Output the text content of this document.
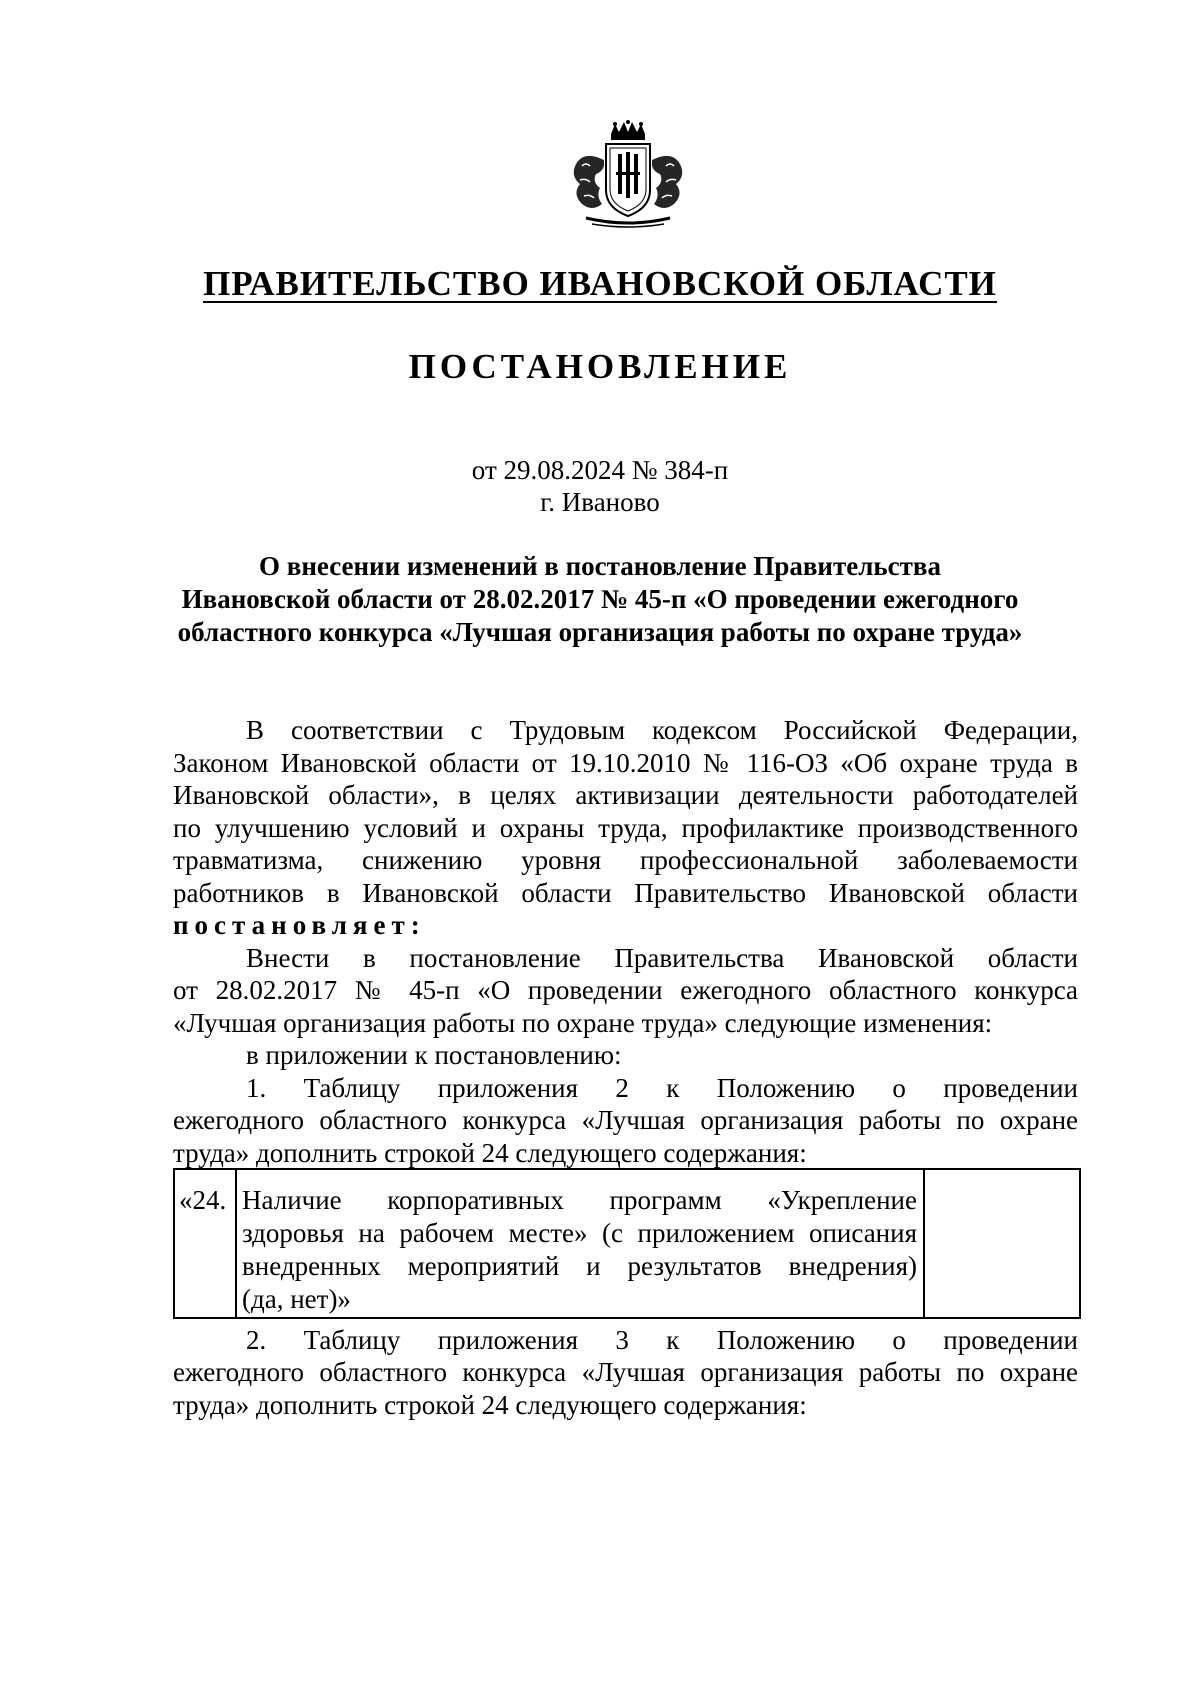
ПРАВИТЕЛЬСТВО ИВАНОВСКОЙ ОБЛАСТИ
ПОСТАНОВЛЕНИЕ
от 29.08.2024 № 384-п
г. Иваново
О внесении изменений в постановление Правительства
Ивановской области от 28.02.2017 № 45-п «О проведении ежегодного
областного конкурса «Лучшая организация работы по охране труда»
В соответствии с Трудовым кодексом Российской Федерации,
Законом Ивановской области от 19.10.2010 № 116-ОЗ «Об охране труда в
Ивановской области», в целях активизации деятельности работодателей
по улучшению условий и охраны труда, профилактике производственного
травматизма, снижению уровня профессиональной заболеваемости
работников в Ивановской области Правительство Ивановской области
постановляет:
Внести в постановление Правительства Ивановской области
от 28.02.2017 № 45-п «О проведении ежегодного областного конкурса
«Лучшая организация работы по охране труда» следующие изменения:
в приложении к постановлению:
1. Таблицу приложения 2 к Положению о проведении
ежегодного областного конкурса «Лучшая организация работы по охране
труда» дополнить строкой 24 следующего содержания:
«24. Наличие корпоративных программ «Укрепление
здоровья на рабочем месте» (с приложением описания
внедренных мероприятий и результатов внедрения)
(да, нет)»
2. Таблицу приложения 3 к Положению о проведении
ежегодного областного конкурса «Лучшая организация работы по охране
труда» дополнить строкой 24 следующего содержания:
